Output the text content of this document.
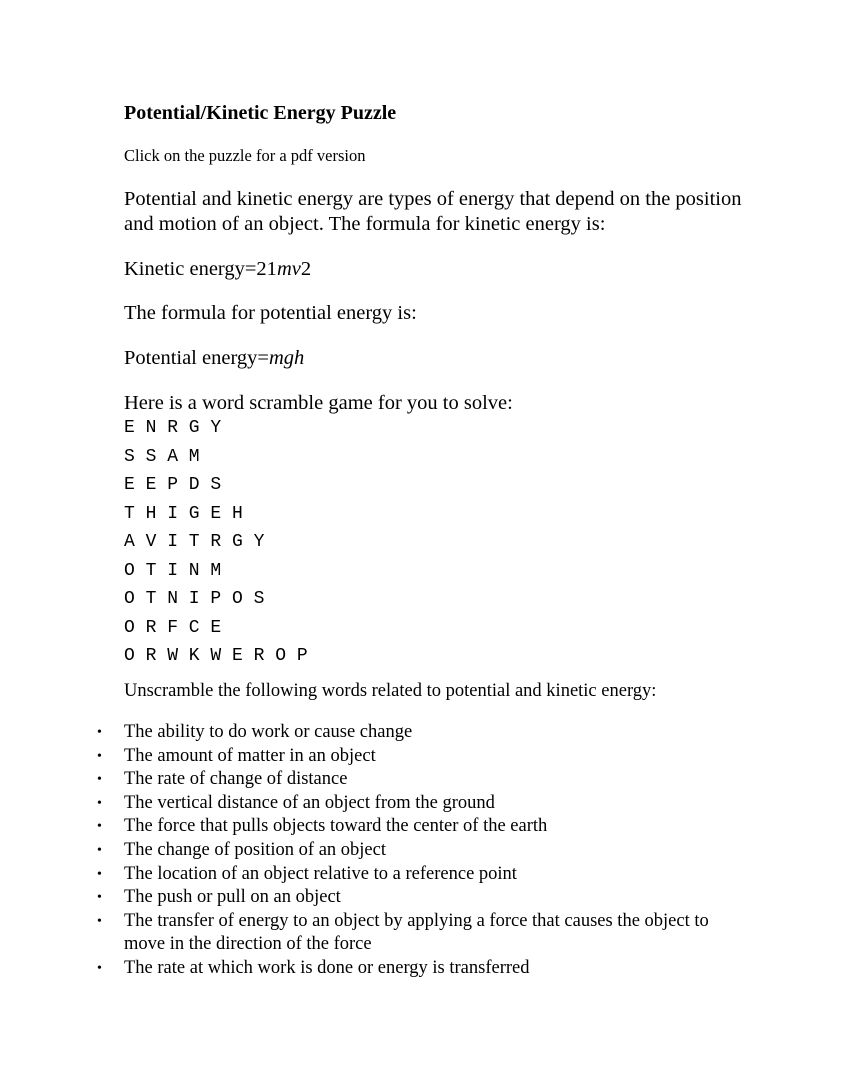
Potential/Kinetic Energy Puzzle

Click on the puzzle for a pdf version

Potential and kinetic energy are types of energy that depend on the position and motion of an object. The formula for kinetic energy is:

Kinetic energy=21mv2

The formula for potential energy is:

Potential energy=mgh

Here is a word scramble game for you to solve:

E N R G Y
S S A M
E E P D S
T H I G E H
A V I T R G Y
O T I N M
O T N I P O S
O R F C E
O R W K W E R O P

Unscramble the following words related to potential and kinetic energy:

• The ability to do work or cause change
• The amount of matter in an object
• The rate of change of distance
• The vertical distance of an object from the ground
• The force that pulls objects toward the center of the earth
• The change of position of an object
• The location of an object relative to a reference point
• The push or pull on an object
• The transfer of energy to an object by applying a force that causes the object to move in the direction of the force
• The rate at which work is done or energy is transferred
